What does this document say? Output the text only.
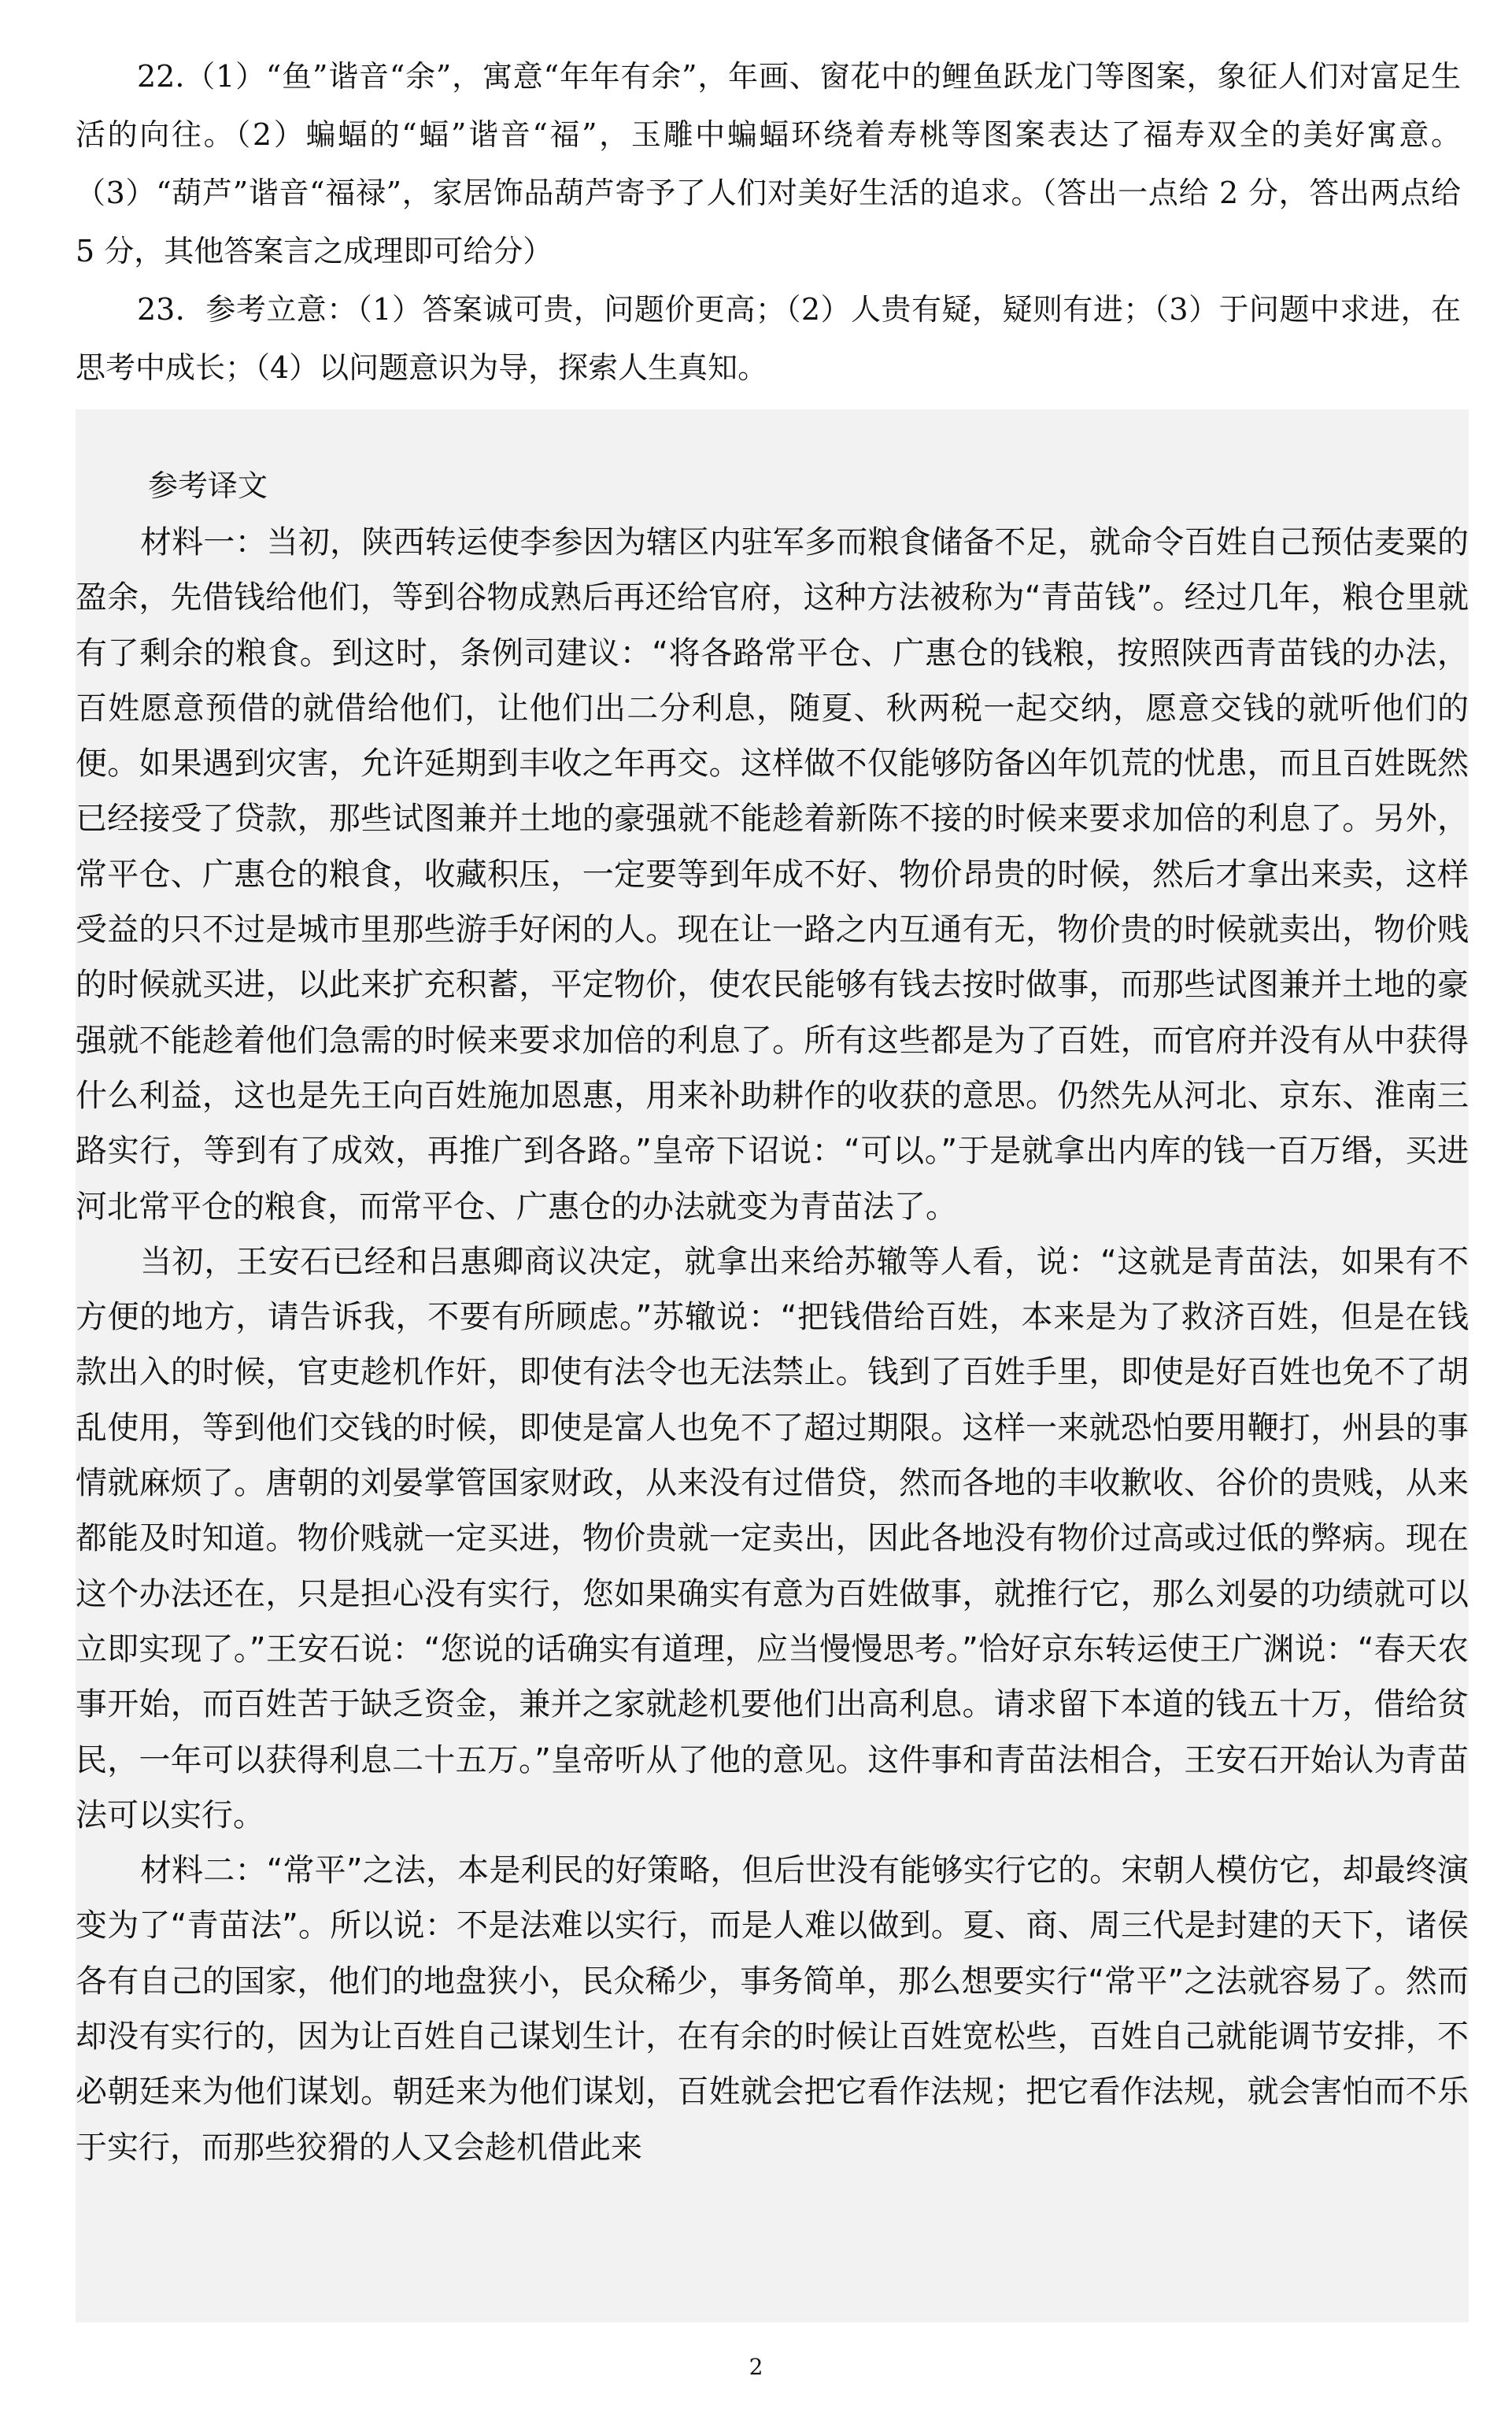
22.（1）“鱼”谐音“余”，寓意“年年有余”，年画、窗花中的鲤鱼跃龙门等图案，象征人们对富足生活的向往。（2）蝙蝠的“蝠”谐音“福”，玉雕中蝙蝠环绕着寿桃等图案表达了福寿双全的美好寓意。（3）“葫芦”谐音“福禄”，家居饰品葫芦寄予了人们对美好生活的追求。（答出一点给 2 分，答出两点给 5 分，其他答案言之成理即可给分）

23．参考立意：（1）答案诚可贵，问题价更高；（2）人贵有疑，疑则有进；（3）于问题中求进，在思考中成长；（4）以问题意识为导，探索人生真知。

参考译文

材料一：当初，陕西转运使李参因为辖区内驻军多而粮食储备不足，就命令百姓自己预估麦粟的盈余，先借钱给他们，等到谷物成熟后再还给官府，这种方法被称为“青苗钱”。经过几年，粮仓里就有了剩余的粮食。到这时，条例司建议：“将各路常平仓、广惠仓的钱粮，按照陕西青苗钱的办法，百姓愿意预借的就借给他们，让他们出二分利息，随夏、秋两税一起交纳，愿意交钱的就听他们的便。如果遇到灾害，允许延期到丰收之年再交。这样做不仅能够防备凶年饥荒的忧患，而且百姓既然已经接受了贷款，那些试图兼并土地的豪强就不能趁着新陈不接的时候来要求加倍的利息了。另外，常平仓、广惠仓的粮食，收藏积压，一定要等到年成不好、物价昂贵的时候，然后才拿出来卖，这样受益的只不过是城市里那些游手好闲的人。现在让一路之内互通有无，物价贵的时候就卖出，物价贱的时候就买进，以此来扩充积蓄，平定物价，使农民能够有钱去按时做事，而那些试图兼并土地的豪强就不能趁着他们急需的时候来要求加倍的利息了。所有这些都是为了百姓，而官府并没有从中获得什么利益，这也是先王向百姓施加恩惠，用来补助耕作的收获的意思。仍然先从河北、京东、淮南三路实行，等到有了成效，再推广到各路。”皇帝下诏说：“可以。”于是就拿出内库的钱一百万缗，买进河北常平仓的粮食，而常平仓、广惠仓的办法就变为青苗法了。

当初，王安石已经和吕惠卿商议决定，就拿出来给苏辙等人看，说：“这就是青苗法，如果有不方便的地方，请告诉我，不要有所顾虑。”苏辙说：“把钱借给百姓，本来是为了救济百姓，但是在钱款出入的时候，官吏趁机作奸，即使有法令也无法禁止。钱到了百姓手里，即使是好百姓也免不了胡乱使用，等到他们交钱的时候，即使是富人也免不了超过期限。这样一来就恐怕要用鞭打，州县的事情就麻烦了。唐朝的刘晏掌管国家财政，从来没有过借贷，然而各地的丰收歉收、谷价的贵贱，从来都能及时知道。物价贱就一定买进，物价贵就一定卖出，因此各地没有物价过高或过低的弊病。现在这个办法还在，只是担心没有实行，您如果确实有意为百姓做事，就推行它，那么刘晏的功绩就可以立即实现了。”王安石说：“您说的话确实有道理，应当慢慢思考。”恰好京东转运使王广渊说：“春天农事开始，而百姓苦于缺乏资金，兼并之家就趁机要他们出高利息。请求留下本道的钱五十万，借给贫民，一年可以获得利息二十五万。”皇帝听从了他的意见。这件事和青苗法相合，王安石开始认为青苗法可以实行。

材料二：“常平”之法，本是利民的好策略，但后世没有能够实行它的。宋朝人模仿它，却最终演变为了“青苗法”。所以说：不是法难以实行，而是人难以做到。夏、商、周三代是封建的天下，诸侯各有自己的国家，他们的地盘狭小，民众稀少，事务简单，那么想要实行“常平”之法就容易了。然而却没有实行的，因为让百姓自己谋划生计，在有余的时候让百姓宽松些，百姓自己就能调节安排，不必朝廷来为他们谋划。朝廷来为他们谋划，百姓就会把它看作法规；把它看作法规，就会害怕而不乐于实行，而那些狡猾的人又会趁机借此来

2
